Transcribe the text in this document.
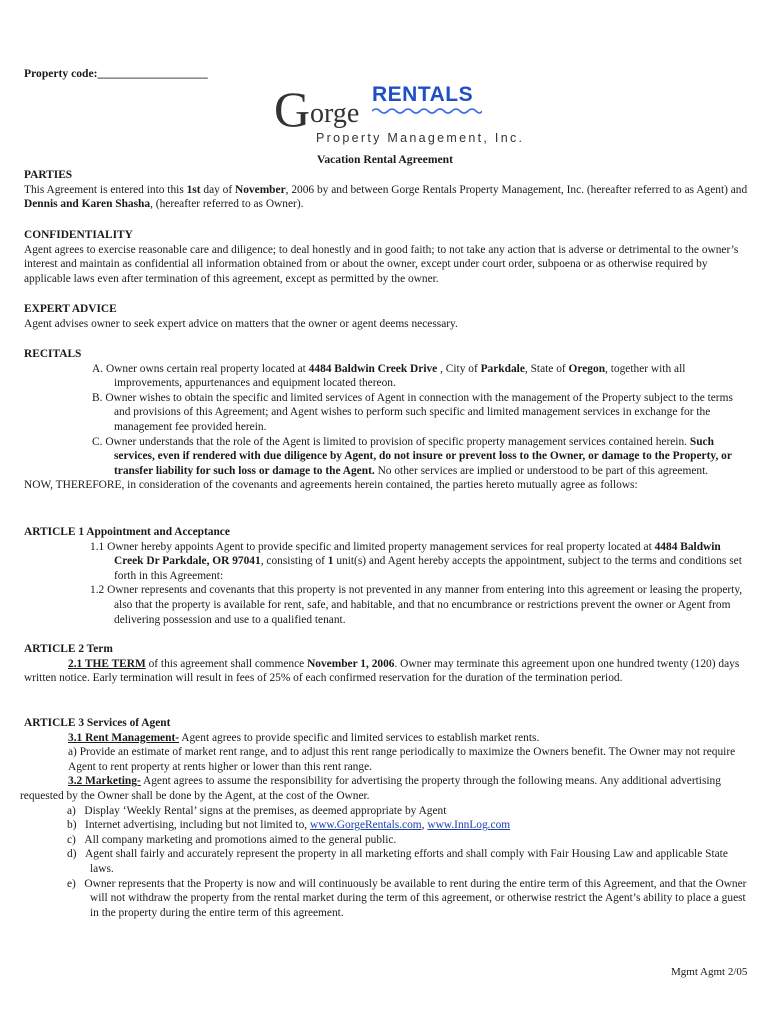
Property code:___________________
G orge
RENTALS
Property Management, Inc.
Vacation Rental Agreement

PARTIES

This Agreement is entered into this 1st day of November, 2006 by and between Gorge Rentals Property Management, Inc. (hereafter referred to as Agent) and Dennis and Karen Shasha, (hereafter referred to as Owner).

CONFIDENTIALITY

Agent agrees to exercise reasonable care and diligence; to deal honestly and in good faith; to not take any action that is adverse or detrimental to the owner’s interest and maintain as confidential all information obtained from or about the owner, except under court order, subpoena or as otherwise required by applicable laws even after termination of this agreement, except as permitted by the owner.

EXPERT ADVICE

Agent advises owner to seek expert advice on matters that the owner or agent deems necessary.

RECITALS

A. Owner owns certain real property located at 4484 Baldwin Creek Drive , City of Parkdale, State of Oregon, together with all improvements, appurtenances and equipment located thereon.

B. Owner wishes to obtain the specific and limited services of Agent in connection with the management of the Property subject to the terms and provisions of this Agreement; and Agent wishes to perform such specific and limited management services in exchange for the management fee provided herein.

C. Owner understands that the role of the Agent is limited to provision of specific property management services contained herein. Such services, even if rendered with due diligence by Agent, do not insure or prevent loss to the Owner, or damage to the Property, or transfer liability for such loss or damage to the Agent. No other services are implied or understood to be part of this agreement.

NOW, THEREFORE, in consideration of the covenants and agreements herein contained, the parties hereto mutually agree as follows:

ARTICLE 1 Appointment and Acceptance

1.1 Owner hereby appoints Agent to provide specific and limited property management services for real property located at 4484 Baldwin Creek Dr Parkdale, OR 97041, consisting of 1 unit(s) and Agent hereby accepts the appointment, subject to the terms and conditions set forth in this Agreement:

1.2 Owner represents and covenants that this property is not prevented in any manner from entering into this agreement or leasing the property, also that the property is available for rent, safe, and habitable, and that no encumbrance or restrictions prevent the owner or Agent from delivering possession and use to a qualified tenant.

ARTICLE 2 Term

2.1 THE TERM of this agreement shall commence November 1, 2006. Owner may terminate this agreement upon one hundred twenty (120) days written notice. Early termination will result in fees of 25% of each confirmed reservation for the duration of the termination period.

ARTICLE 3 Services of Agent

3.1 Rent Management- Agent agrees to provide specific and limited services to establish market rents.

a) Provide an estimate of market rent range, and to adjust this rent range periodically to maximize the Owners benefit. The Owner may not require Agent to rent property at rents higher or lower than this rent range.

3.2 Marketing- Agent agrees to assume the responsibility for advertising the property through the following means. Any additional advertising requested by the Owner shall be done by the Agent, at the cost of the Owner.

a) Display ‘Weekly Rental’ signs at the premises, as deemed appropriate by Agent

b) Internet advertising, including but not limited to, www.GorgeRentals.com, www.InnLog.com

c) All company marketing and promotions aimed to the general public.

d) Agent shall fairly and accurately represent the property in all marketing efforts and shall comply with Fair Housing Law and applicable State laws.

e) Owner represents that the Property is now and will continuously be available to rent during the entire term of this Agreement, and that the Owner will not withdraw the property from the rental market during the term of this agreement, or otherwise restrict the Agent’s ability to place a guest in the property during the entire term of this agreement.

Mgmt Agmt 2/05
